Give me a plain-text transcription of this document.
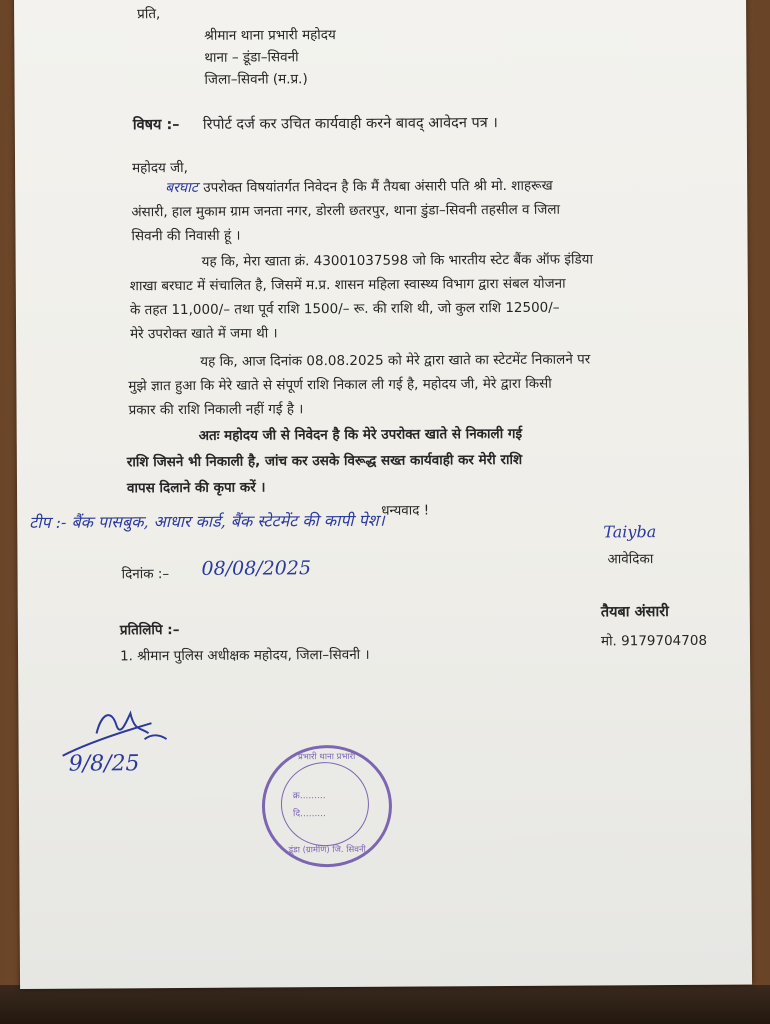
प्रति,
श्रीमान थाना प्रभारी महोदय
थाना – डूंडा–सिवनी
जिला–सिवनी (म.प्र.)
विषय :– रिपोर्ट दर्ज कर उचित कार्यवाही करने बावद् आवेदन पत्र ।
महोदय जी,
बरघाट उपरोक्त विषयांतर्गत निवेदन है कि मैं तैयबा अंसारी पति श्री मो. शाहरूख
अंसारी, हाल मुकाम ग्राम जनता नगर, डोरली छतरपुर, थाना डुंडा–सिवनी तहसील व जिला
सिवनी की निवासी हूं ।
यह कि, मेरा खाता क्रं. 43001037598 जो कि भारतीय स्टेट बैंक ऑफ इंडिया
शाखा बरघाट में संचालित है, जिसमें म.प्र. शासन महिला स्वास्थ्य विभाग द्वारा संबल योजना
के तहत 11,000/– तथा पूर्व राशि 1500/– रू. की राशि थी, जो कुल राशि 12500/–
मेरे उपरोक्त खाते में जमा थी ।
यह कि, आज दिनांक 08.08.2025 को मेरे द्वारा खाते का स्टेटमेंट निकालने पर
मुझे ज्ञात हुआ कि मेरे खाते से संपूर्ण राशि निकाल ली गई है, महोदय जी, मेरे द्वारा किसी
प्रकार की राशि निकाली नहीं गई है ।
अतः महोदय जी से निवेदन है कि मेरे उपरोक्त खाते से निकाली गई
राशि जिसने भी निकाली है, जांच कर उसके विरूद्ध सख्त कार्यवाही कर मेरी राशि
वापस दिलाने की कृपा करें ।
धन्यवाद !
टीप :- बैंक पासबुक, आधार कार्ड, बैंक स्टेटमेंट की कापी पेश।	Taiyba
आवेदिका
दिनांक :– 08/08/2025
तैयबा अंसारी
मो. 9179704708
प्रतिलिपि :–
1. श्रीमान पुलिस अधीक्षक महोदय, जिला–सिवनी ।
9/8/25	प्रभारी थाना प्रभारी
क्र.........
दि.........
डूंडा (ग्रामीण) जि. सिवनी
